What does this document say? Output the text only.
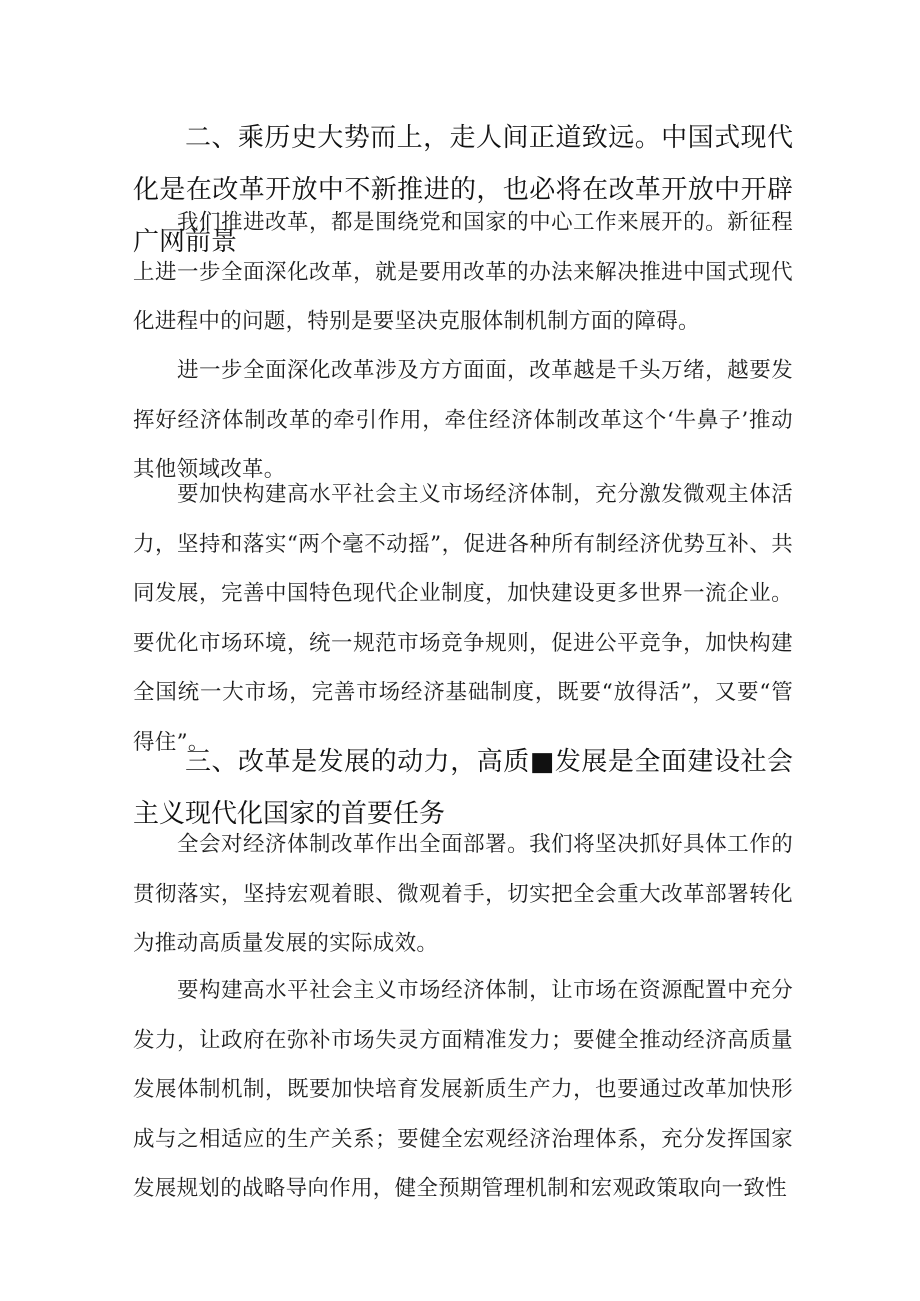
二、乘历史大势而上，走人间正道致远。中国式现代化是在改革开放中不新推进的，也必将在改革开放中开辟广网前景

我们推进改革，都是围绕党和国家的中心工作来展开的。新征程上进一步全面深化改革，就是要用改革的办法来解决推进中国式现代化进程中的问题，特别是要坚决克服体制机制方面的障碍。

进一步全面深化改革涉及方方面面，改革越是千头万绪，越要发挥好经济体制改革的牵引作用，牵住经济体制改革这个‘牛鼻子’推动其他领域改革。

要加快构建高水平社会主义市场经济体制，充分激发微观主体活力，坚持和落实“两个毫不动摇”，促进各种所有制经济优势互补、共同发展，完善中国特色现代企业制度，加快建设更多世界一流企业。要优化市场环境，统一规范市场竞争规则，促进公平竞争，加快构建全国统一大市场，完善市场经济基础制度，既要“放得活”，又要“管得住”。

三、改革是发展的动力，高质■发展是全面建设社会主义现代化国家的首要任务

全会对经济体制改革作出全面部署。我们将坚决抓好具体工作的贯彻落实，坚持宏观着眼、微观着手，切实把全会重大改革部署转化为推动高质量发展的实际成效。

要构建高水平社会主义市场经济体制，让市场在资源配置中充分发力，让政府在弥补市场失灵方面精准发力；要健全推动经济高质量发展体制机制，既要加快培育发展新质生产力，也要通过改革加快形成与之相适应的生产关系；要健全宏观经济治理体系，充分发挥国家发展规划的战略导向作用，健全预期管理机制和宏观政策取向一致性
